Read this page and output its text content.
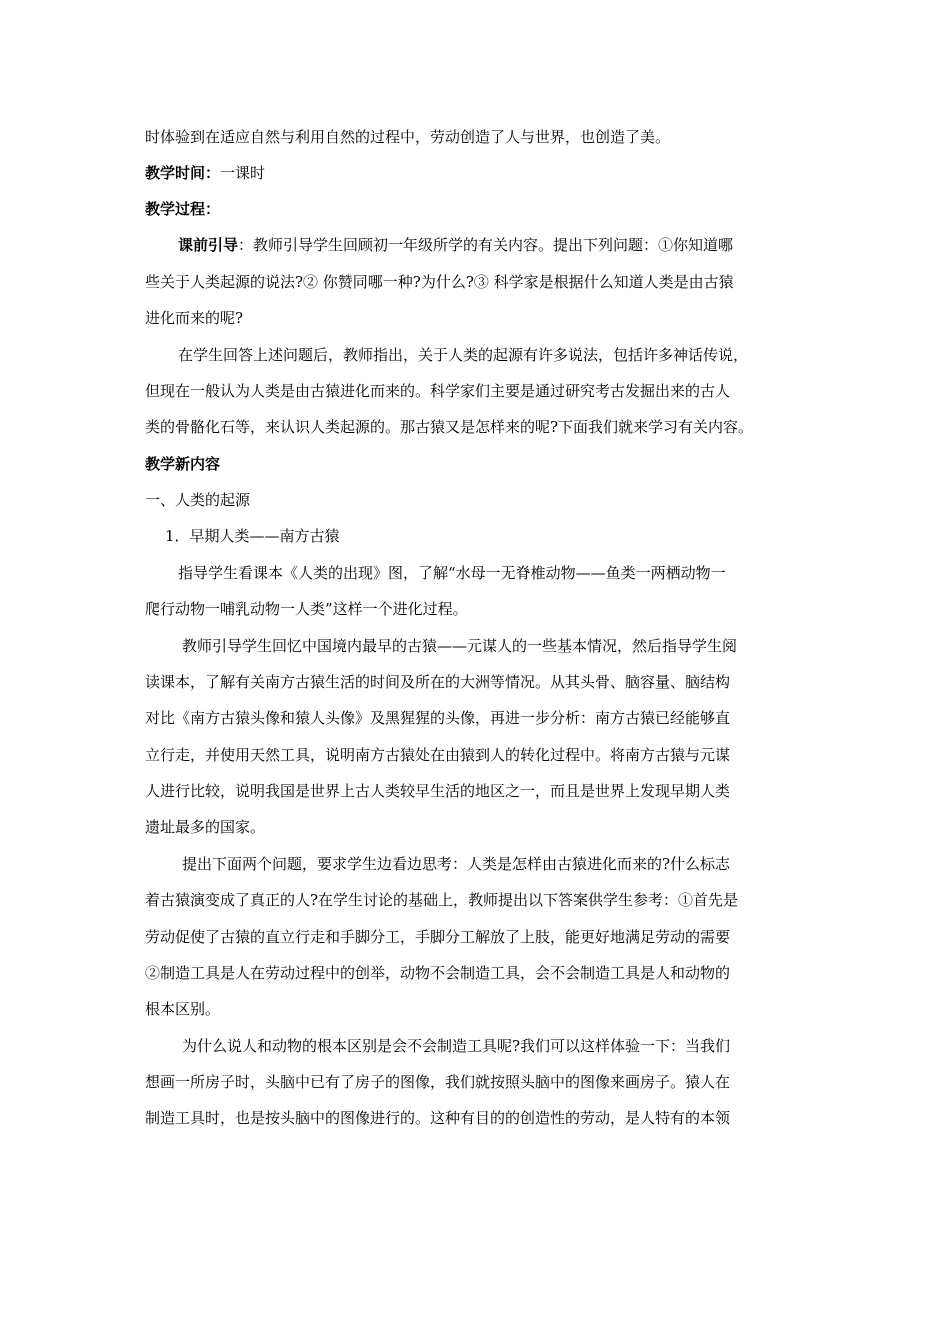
时体验到在适应自然与利用自然的过程中，劳动创造了人与世界，也创造了美。
教学时间：一课时
教学过程：
课前引导：教师引导学生回顾初一年级所学的有关内容。提出下列问题：①你知道哪
些关于人类起源的说法?② 你赞同哪一种?为什么?③ 科学家是根据什么知道人类是由古猿
进化而来的呢?
在学生回答上述问题后，教师指出，关于人类的起源有许多说法，包括许多神话传说，
但现在一般认为人类是由古猿进化而来的。科学家们主要是通过研究考古发掘出来的古人
类的骨骼化石等，来认识人类起源的。那古猿又是怎样来的呢?下面我们就来学习有关内容。
教学新内容
一、人类的起源
1．早期人类——南方古猿
指导学生看课本《人类的出现》图，了解“水母一无脊椎动物——鱼类一两栖动物一
爬行动物一哺乳动物一人类”这样一个进化过程。
教师引导学生回忆中国境内最早的古猿——元谋人的一些基本情况，然后指导学生阅
读课本，了解有关南方古猿生活的时间及所在的大洲等情况。从其头骨、脑容量、脑结构
对比《南方古猿头像和猿人头像》及黑猩猩的头像，再进一步分析：南方古猿已经能够直
立行走，并使用天然工具，说明南方古猿处在由猿到人的转化过程中。将南方古猿与元谋
人进行比较，说明我国是世界上古人类较早生活的地区之一，而且是世界上发现早期人类
遗址最多的国家。
提出下面两个问题，要求学生边看边思考：人类是怎样由古猿进化而来的?什么标志
着古猿演变成了真正的人?在学生讨论的基础上，教师提出以下答案供学生参考：①首先是
劳动促使了古猿的直立行走和手脚分工，手脚分工解放了上肢，能更好地满足劳动的需要
②制造工具是人在劳动过程中的创举，动物不会制造工具，会不会制造工具是人和动物的
根本区别。
为什么说人和动物的根本区别是会不会制造工具呢?我们可以这样体验一下：当我们
想画一所房子时，头脑中已有了房子的图像，我们就按照头脑中的图像来画房子。猿人在
制造工具时，也是按头脑中的图像进行的。这种有目的的创造性的劳动，是人特有的本领
